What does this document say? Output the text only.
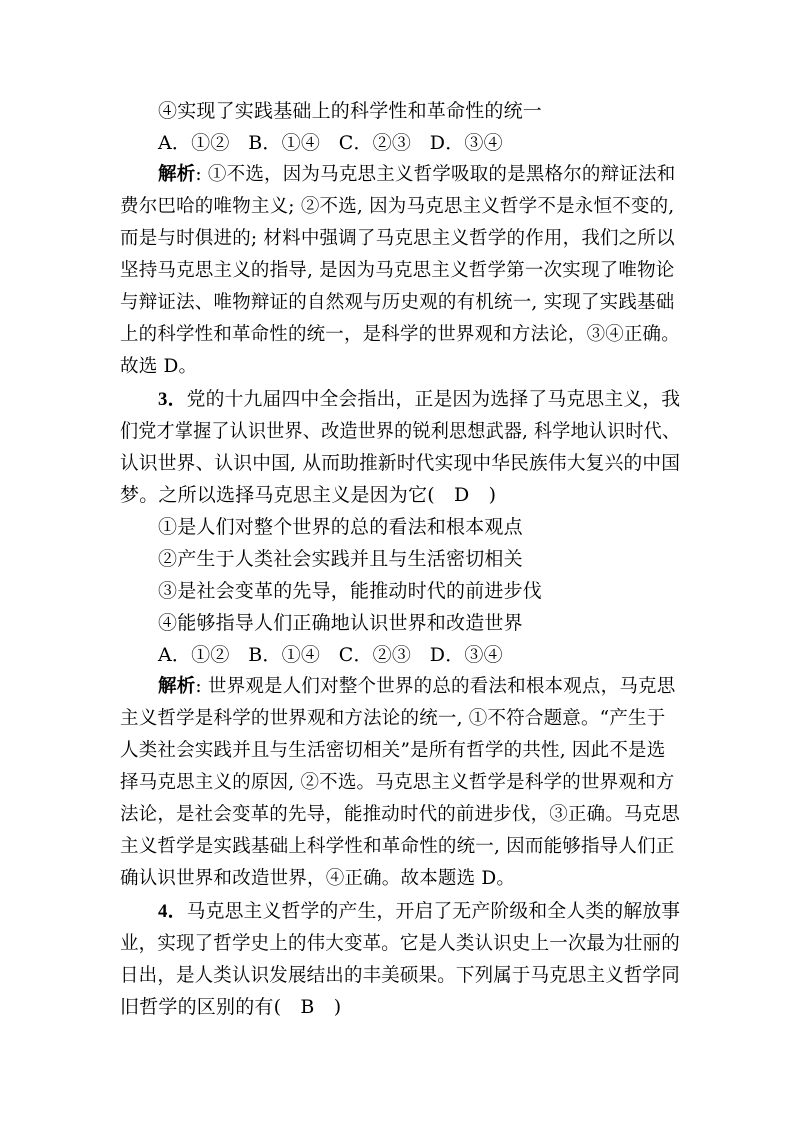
④实现了实践基础上的科学性和革命性的统一
A．①② B．①④ C．②③ D．③④
解析: ①不选，因为马克思主义哲学吸取的是黑格尔的辩证法和
费尔巴哈的唯物主义; ②不选, 因为马克思主义哲学不是永恒不变的,
而是与时俱进的; 材料中强调了马克思主义哲学的作用，我们之所以
坚持马克思主义的指导, 是因为马克思主义哲学第一次实现了唯物论
与辩证法、唯物辩证的自然观与历史观的有机统一, 实现了实践基础
上的科学性和革命性的统一，是科学的世界观和方法论，③④正确。
故选 D。
3．党的十九届四中全会指出，正是因为选择了马克思主义，我
们党才掌握了认识世界、改造世界的锐利思想武器, 科学地认识时代、
认识世界、认识中国, 从而助推新时代实现中华民族伟大复兴的中国
梦。之所以选择马克思主义是因为它(　D　)
①是人们对整个世界的总的看法和根本观点
②产生于人类社会实践并且与生活密切相关
③是社会变革的先导，能推动时代的前进步伐
④能够指导人们正确地认识世界和改造世界
A．①② B．①④ C．②③ D．③④
解析: 世界观是人们对整个世界的总的看法和根本观点，马克思
主义哲学是科学的世界观和方法论的统一, ①不符合题意。“产生于
人类社会实践并且与生活密切相关”是所有哲学的共性, 因此不是选
择马克思主义的原因, ②不选。马克思主义哲学是科学的世界观和方
法论，是社会变革的先导，能推动时代的前进步伐，③正确。马克思
主义哲学是实践基础上科学性和革命性的统一, 因而能够指导人们正
确认识世界和改造世界，④正确。故本题选 D。
4．马克思主义哲学的产生，开启了无产阶级和全人类的解放事
业，实现了哲学史上的伟大变革。它是人类认识史上一次最为壮丽的
日出，是人类认识发展结出的丰美硕果。下列属于马克思主义哲学同
旧哲学的区别的有(　B　)
